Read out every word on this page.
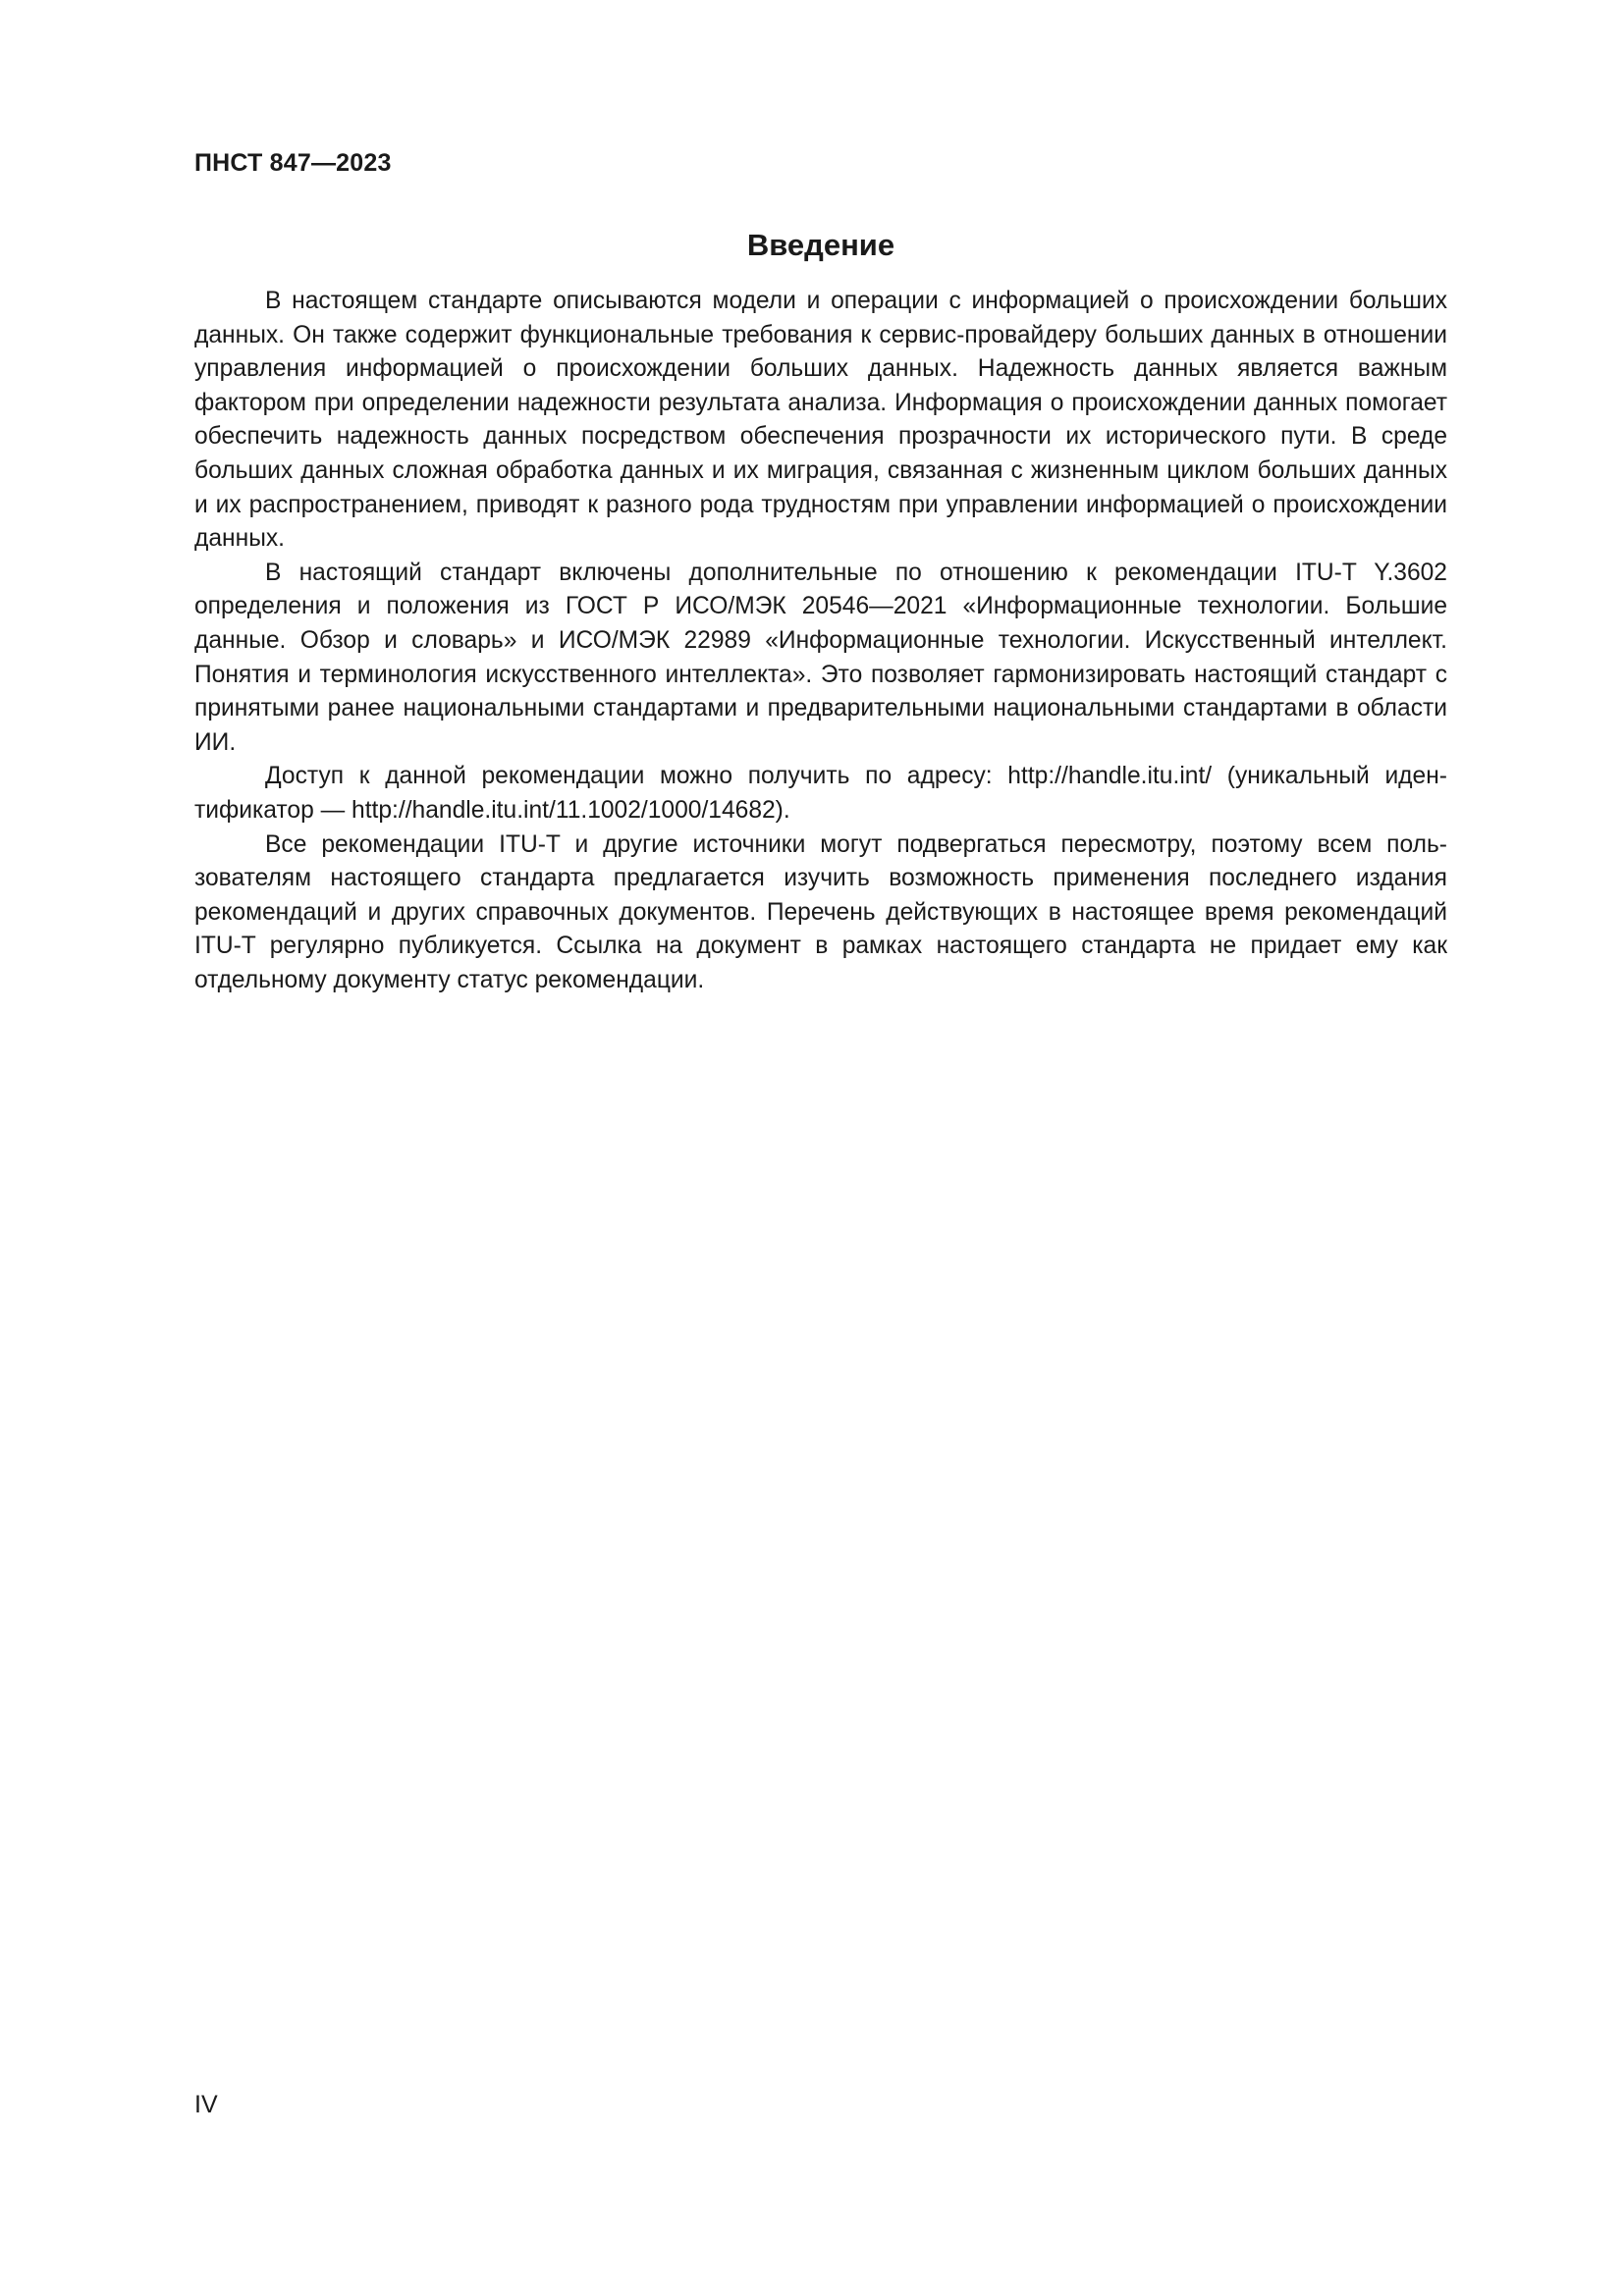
ПНСТ 847—2023
Введение

В настоящем стандарте описываются модели и операции с информацией о происхождении больших данных. Он также содержит функциональные требования к сервис-провайдеру больших данных в отношении управления информацией о происхождении больших данных. Надежность данных является важным фактором при определении надежности результата анализа. Информация о происхождении данных помогает обеспечить надежность данных посредством обеспечения прозрачности их исторического пути. В среде больших данных сложная обработка данных и их миграция, связанная с жизненным циклом больших данных и их распространением, приводят к разного рода трудностям при управлении информацией о происхождении данных.

В настоящий стандарт включены дополнительные по отношению к рекомендации ITU-T Y.3602 определения и положения из ГОСТ Р ИСО/МЭК 20546—2021 «Информационные технологии. Большие данные. Обзор и словарь» и ИСО/МЭК 22989 «Информационные технологии. Искусственный интеллект. Понятия и терминология искусственного интеллекта». Это позволяет гармонизировать настоящий стандарт с принятыми ранее национальными стандартами и предварительными национальными стандартами в области ИИ.

Доступ к данной рекомендации можно получить по адресу: http://handle.itu.int/ (уникальный идентификатор — http://handle.itu.int/11.1002/1000/14682).

Все рекомендации ITU-T и другие источники могут подвергаться пересмотру, поэтому всем пользователям настоящего стандарта предлагается изучить возможность применения последнего издания рекомендаций и других справочных документов. Перечень действующих в настоящее время рекомендаций ITU-T регулярно публикуется. Ссылка на документ в рамках настоящего стандарта не придает ему как отдельному документу статус рекомендации.

IV
